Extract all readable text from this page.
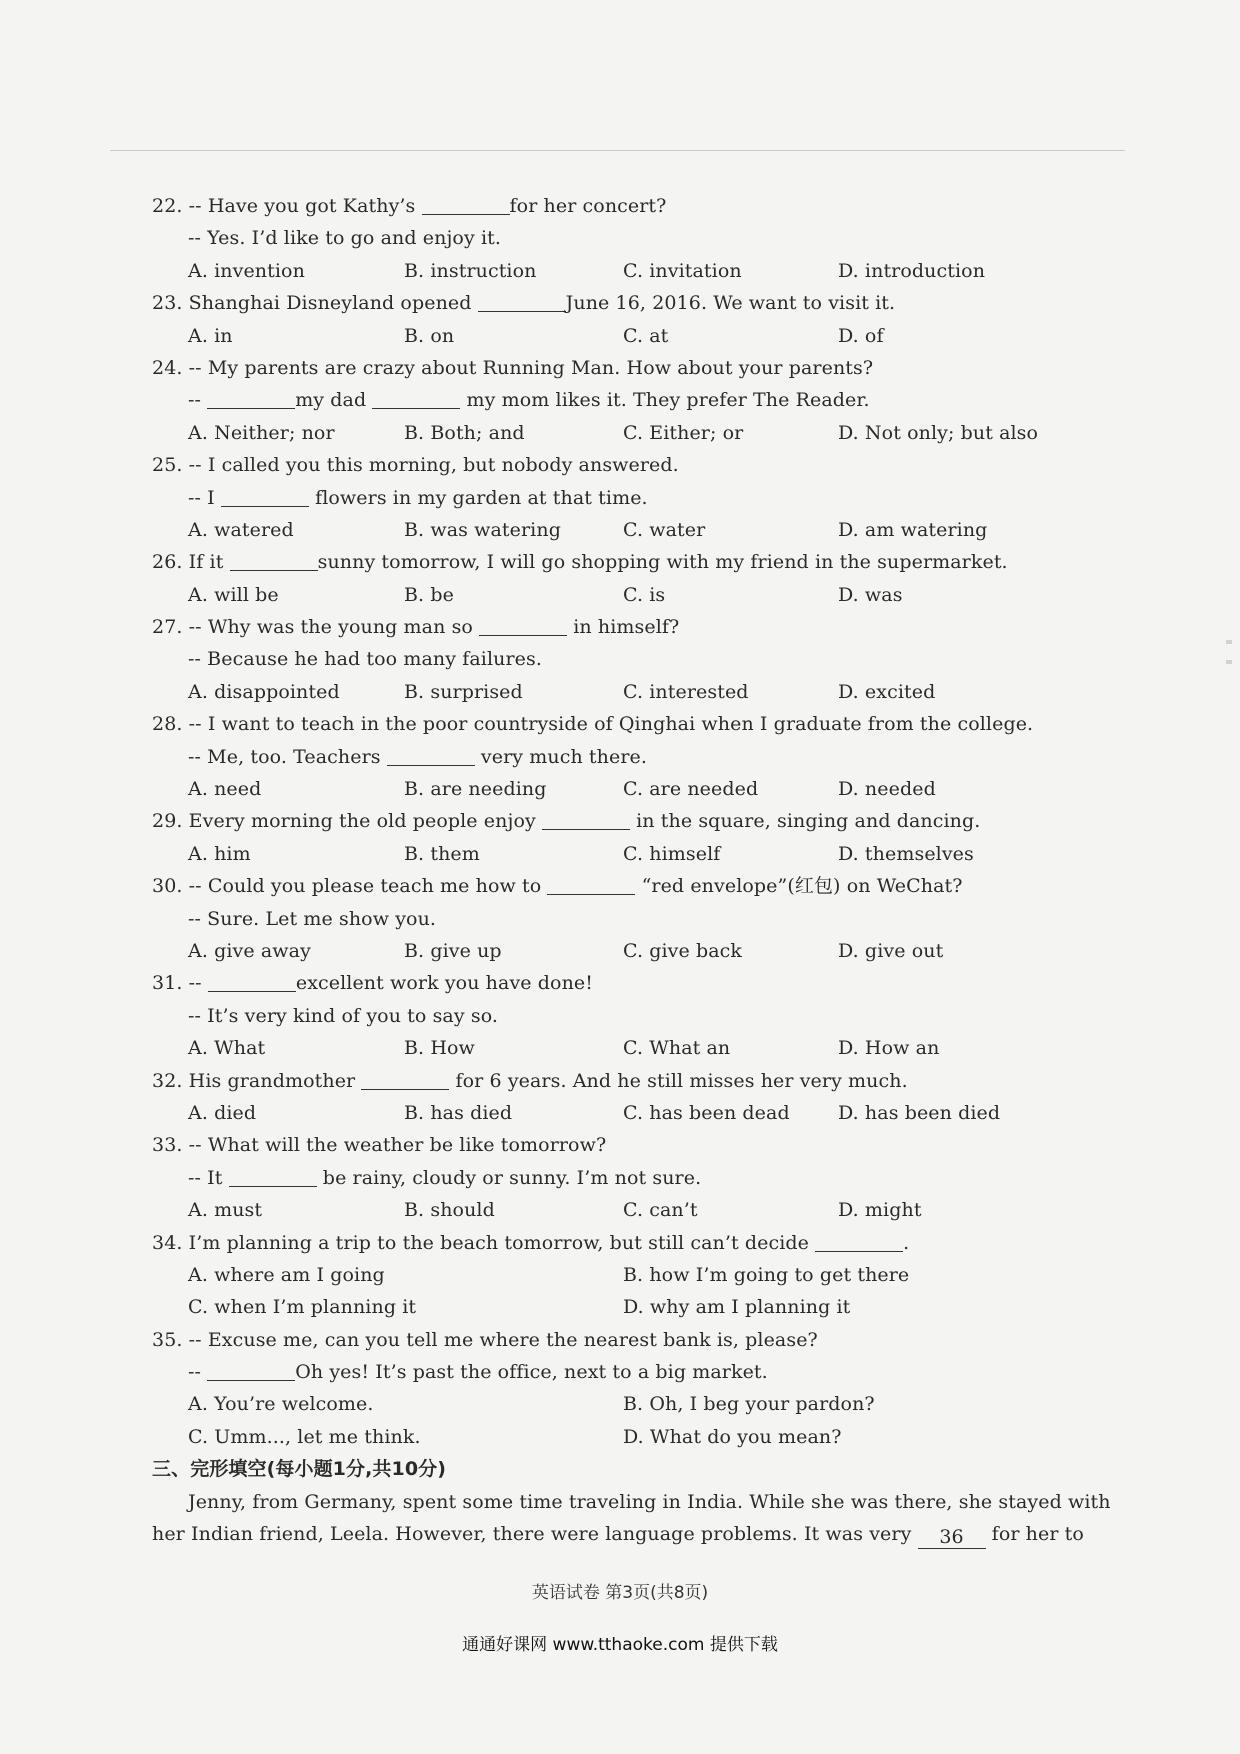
22. -- Have you got Kathy’s	for her concert?
-- Yes. I’d like to go and enjoy it.
A. invention	B. instruction	C. invitation	D. introduction
23. Shanghai Disneyland opened	June 16, 2016. We want to visit it.
A. in	B. on	C. at	D. of
24. -- My parents are crazy about Running Man. How about your parents?
--	my dad	my mom likes it. They prefer The Reader.
A. Neither; nor	B. Both; and	C. Either; or	D. Not only; but also
25. -- I called you this morning, but nobody answered.
-- I	flowers in my garden at that time.
A. watered	B. was watering	C. water	D. am watering
26. If it	sunny tomorrow, I will go shopping with my friend in the supermarket.
A. will be	B. be	C. is	D. was
27. -- Why was the young man so	in himself?
-- Because he had too many failures.
A. disappointed	B. surprised	C. interested	D. excited
28. -- I want to teach in the poor countryside of Qinghai when I graduate from the college.
-- Me, too. Teachers	very much there.
A. need	B. are needing	C. are needed	D. needed
29. Every morning the old people enjoy	in the square, singing and dancing.
A. him	B. them	C. himself	D. themselves
30. -- Could you please teach me how to	“red envelope”(红包) on WeChat?
-- Sure. Let me show you.
A. give away	B. give up	C. give back	D. give out
31. --	excellent work you have done!
-- It’s very kind of you to say so.
A. What	B. How	C. What an	D. How an
32. His grandmother	for 6 years. And he still misses her very much.
A. died	B. has died	C. has been dead	D. has been died
33. -- What will the weather be like tomorrow?
-- It	be rainy, cloudy or sunny. I’m not sure.
A. must	B. should	C. can’t	D. might
34. I’m planning a trip to the beach tomorrow, but still can’t decide	.
A. where am I going	B. how I’m going to get there
C. when I’m planning it	D. why am I planning it
35. -- Excuse me, can you tell me where the nearest bank is, please?
--	Oh yes! It’s past the office, next to a big market.
A. You’re welcome.	B. Oh, I beg your pardon?
C. Umm..., let me think.	D. What do you mean?
三、完形填空(每小题1分,共10分)
Jenny, from Germany, spent some time traveling in India. While she was there, she stayed with
her Indian friend, Leela. However, there were language problems. It was very 36 for her to
英语试卷 第3页(共8页)
通通好课网 www.tthaoke.com 提供下载
